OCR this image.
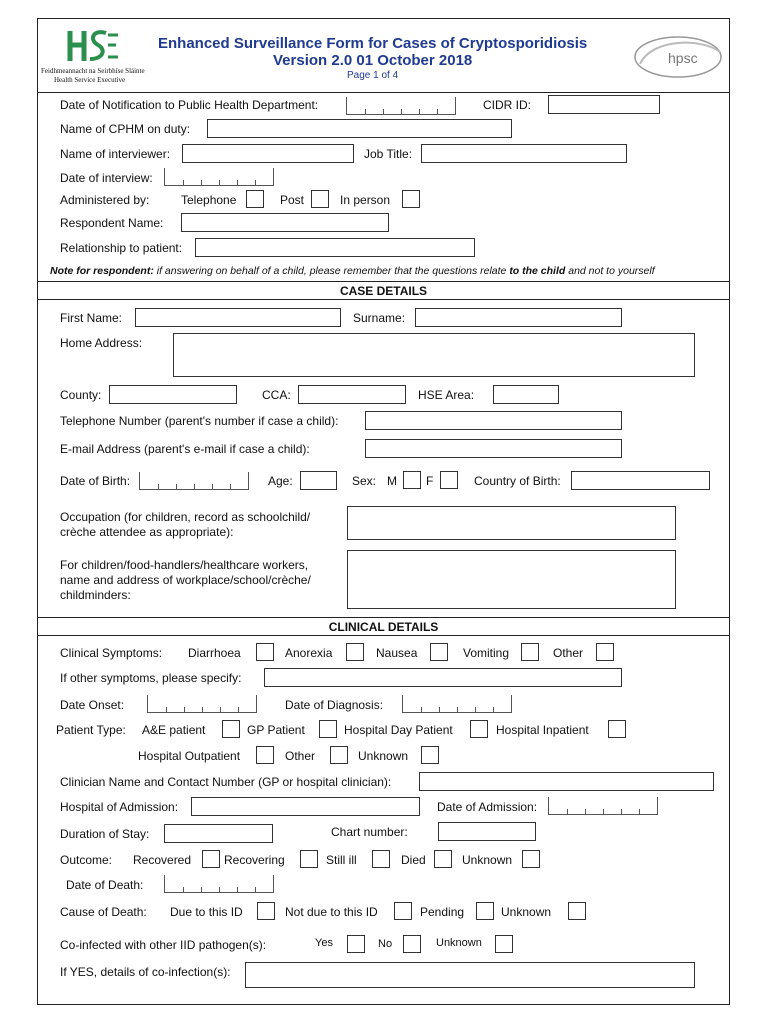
Feidhmeannacht na Seirbhíse Sláinte
Health Service Executive
Enhanced Surveillance Form for Cases of Cryptosporidiosis
Version 2.0 01 October 2018
Page 1 of 4
hpsc
Date of Notification to Public Health Department:	CIDR ID:
Name of CPHM on duty:
Name of interviewer:	Job Title:
Date of interview:
Administered by:	Telephone	Post	In person
Respondent Name:
Relationship to patient:
Note for respondent: if answering on behalf of a child, please remember that the questions relate to the child and not to yourself
CASE DETAILS
First Name:	Surname:
Home Address:
County:	CCA:	HSE Area:
Telephone Number (parent's number if case a child):
E-mail Address (parent's e-mail if case a child):
Date of Birth:	Age:	Sex: M F	Country of Birth:
Occupation (for children, record as schoolchild/
crèche attendee as appropriate):
For children/food-handlers/healthcare workers,
name and address of workplace/school/crèche/
childminders:
CLINICAL DETAILS
Clinical Symptoms: Diarrhoea	Anorexia	Nausea	Vomiting	Other
If other symptoms, please specify:
Date Onset:	Date of Diagnosis:
Patient Type: A&E patient	GP Patient	Hospital Day Patient	Hospital Inpatient
Hospital Outpatient	Other	Unknown
Clinician Name and Contact Number (GP or hospital clinician):
Hospital of Admission:	Date of Admission:
Duration of Stay:	Chart number:
Outcome: Recovered	Recovering	Still ill	Died	Unknown
Date of Death:
Cause of Death: Due to this ID	Not due to this ID	Pending	Unknown
Co-infected with other IID pathogen(s):	Yes	No	Unknown
If YES, details of co-infection(s):
